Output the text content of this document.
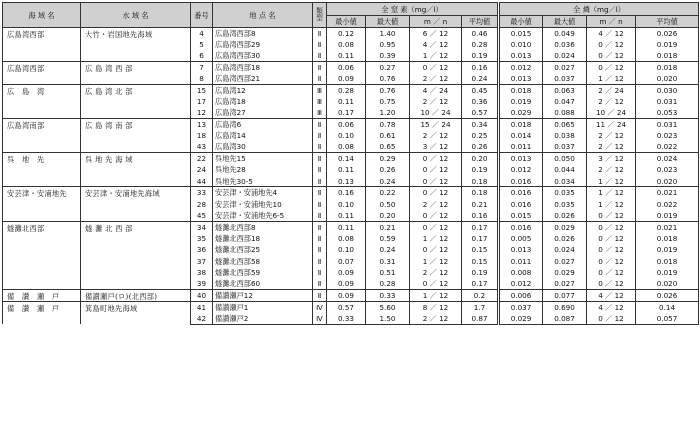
海 域 名	水 域 名	番号	地 点 名	類型	全 窒 素（mg／l）				全 燐（mg／l）			
					最小値	最大値	m ／ n	平均値	最小値	最大値	m ／ n	平均値
広島湾西部	大竹・岩国地先海域	4	広島湾西部8	Ⅱ	0.12	1.40	6 ／ 12	0.46	0.015	0.049	4 ／ 12	0.026
		5	広島湾西部29	Ⅱ	0.08	0.95	4 ／ 12	0.28	0.010	0.036	0 ／ 12	0.019
		6	広島湾西部30	Ⅱ	0.11	0.39	1 ／ 12	0.19	0.013	0.024	0 ／ 12	0.018
広島湾西部	広 島 湾 西 部	7	広島湾西部18	Ⅱ	0.06	0.27	0 ／ 12	0.16	0.012	0.027	0 ／ 12	0.018
		8	広島湾西部21	Ⅱ	0.09	0.76	2 ／ 12	0.24	0.013	0.037	1 ／ 12	0.020
広　島　湾	広 島 湾 北 部	15	広島湾12	Ⅲ	0.28	0.76	4 ／ 24	0.45	0.018	0.063	2 ／ 24	0.030
		17	広島湾18	Ⅲ	0.11	0.75	2 ／ 12	0.36	0.019	0.047	2 ／ 12	0.031
		12	広島湾27	Ⅲ	0.17	1.20	10 ／ 24	0.57	0.029	0.088	10 ／ 24	0.053
広島湾南部	広 島 湾 南 部	13	広島湾6	Ⅱ	0.06	0.78	15 ／ 24	0.34	0.018	0.065	11 ／ 24	0.031
		18	広島湾14	Ⅱ	0.10	0.61	2 ／ 12	0.25	0.014	0.038	2 ／ 12	0.023
		43	広島湾30	Ⅱ	0.08	0.65	3 ／ 12	0.26	0.011	0.037	2 ／ 12	0.022
呉　地　先	呉 地 先 海 域	22	呉地先15	Ⅱ	0.14	0.29	0 ／ 12	0.20	0.013	0.050	3 ／ 12	0.024
		24	呉地先28	Ⅱ	0.11	0.26	0 ／ 12	0.19	0.012	0.044	2 ／ 12	0.023
		44	呉地先30-5	Ⅱ	0.13	0.24	0 ／ 12	0.18	0.016	0.034	1 ／ 12	0.020
安芸津・安浦地先	安芸津・安浦地先海域	33	安芸津・安浦地先4	Ⅱ	0.16	0.22	0 ／ 12	0.18	0.016	0.035	1 ／ 12	0.021
		28	安芸津・安浦地先10	Ⅱ	0.10	0.50	2 ／ 12	0.21	0.016	0.035	1 ／ 12	0.022
		45	安芸津・安浦地先6-5	Ⅱ	0.11	0.20	0 ／ 12	0.16	0.015	0.026	0 ／ 12	0.019
燧灘北西部	燧 灘 北 西 部	34	燧灘北西部8	Ⅱ	0.11	0.21	0 ／ 12	0.17	0.016	0.029	0 ／ 12	0.021
		35	燧灘北西部18	Ⅱ	0.08	0.59	1 ／ 12	0.17	0.005	0.026	0 ／ 12	0.018
		36	燧灘北西部25	Ⅱ	0.10	0.24	0 ／ 12	0.15	0.013	0.024	0 ／ 12	0.019
		37	燧灘北西部58	Ⅱ	0.07	0.31	1 ／ 12	0.15	0.011	0.027	0 ／ 12	0.018
		38	燧灘北西部59	Ⅱ	0.09	0.51	2 ／ 12	0.19	0.008	0.029	0 ／ 12	0.019
		39	燧灘北西部60	Ⅱ	0.09	0.28	0 ／ 12	0.17	0.012	0.027	0 ／ 12	0.020
備　讃　瀬　戸	備讃瀬戸(ロ)(北西部)	40	備讃瀬戸12	Ⅱ	0.09	0.33	1 ／ 12	0.2	0.006	0.077	4 ／ 12	0.026
備　讃　瀬　戸	箕島町地先海域	41	備讃瀬戸1	Ⅳ	0.57	5.60	8 ／ 12	1.7	0.037	0.690	4 ／ 12	0.14
		42	備讃瀬戸2	Ⅳ	0.33	1.50	2 ／ 12	0.87	0.029	0.087	0 ／ 12	0.057
